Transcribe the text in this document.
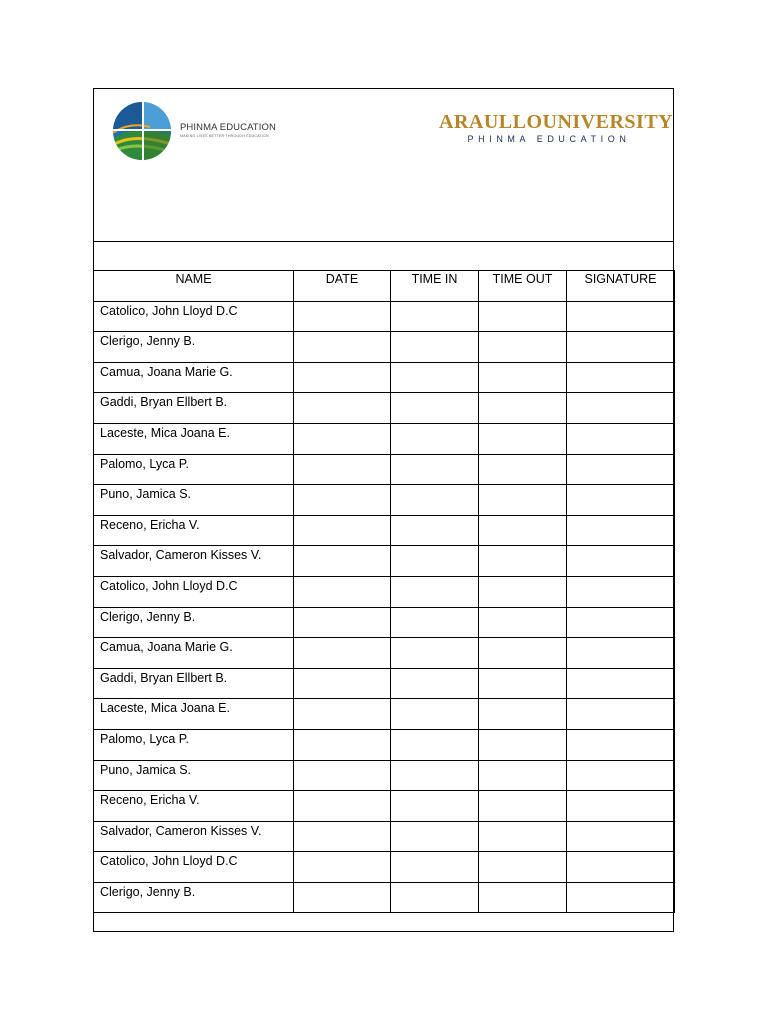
PHINMA EDUCATION
MAKING LIVES BETTER THROUGH EDUCATION
ARAULLOUNIVERSITY
PHINMA EDUCATION
NAME	DATE	TIME IN	TIME OUT	SIGNATURE
Catolico, John Lloyd D.C				
Clerigo, Jenny B.				
Camua, Joana Marie G.				
Gaddi, Bryan Ellbert B.				
Laceste, Mica Joana E.				
Palomo, Lyca P.				
Puno, Jamica S.				
Receno, Ericha V.				
Salvador, Cameron Kisses V.				
Catolico, John Lloyd D.C				
Clerigo, Jenny B.				
Camua, Joana Marie G.				
Gaddi, Bryan Ellbert B.				
Laceste, Mica Joana E.				
Palomo, Lyca P.				
Puno, Jamica S.				
Receno, Ericha V.				
Salvador, Cameron Kisses V.				
Catolico, John Lloyd D.C				
Clerigo, Jenny B.				
